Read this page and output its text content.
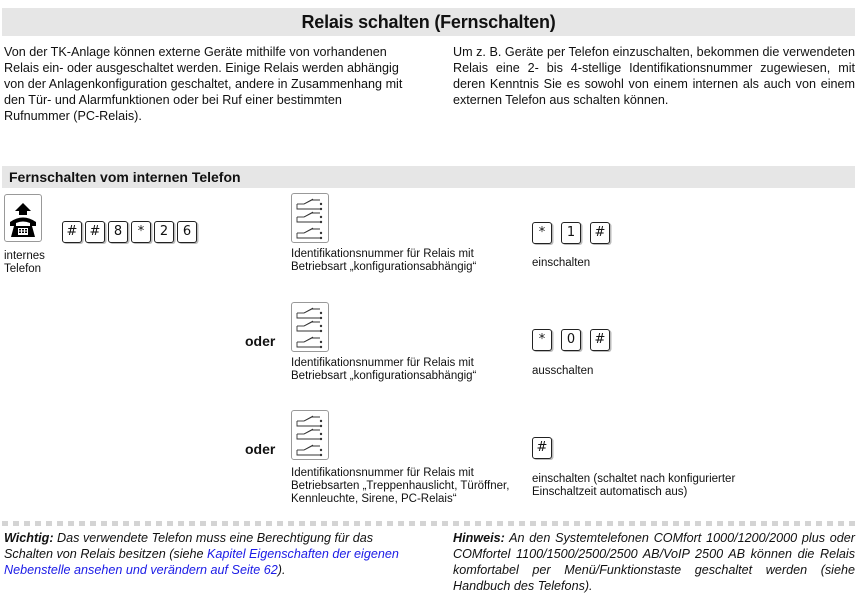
Relais schalten (Fernschalten)
Von der TK-Anlage können externe Geräte mithilfe von vorhandenen Relais ein- oder ausgeschaltet werden. Einige Relais werden abhängig von der Anlagenkonfiguration geschaltet, andere in Zusammenhang mit den Tür- und Alarmfunktionen oder bei Ruf einer bestimmten Rufnummer (PC-Relais).
Um z. B. Geräte per Telefon einzuschalten, bekommen die verwendeten Relais eine 2- bis 4-stellige Identifikationsnummer zugewiesen, mit deren Kenntnis Sie es sowohl von einem internen als auch von einem externen Telefon aus schalten können.
Fernschalten vom internen Telefon
internes
Telefon
# #	8	*	2	6
Identifikationsnummer für Relais mit
Betriebsart „konfigurationsabhängig“
*	1	#
einschalten
oder
Identifikationsnummer für Relais mit
Betriebsart „konfigurationsabhängig“
*	0	#
ausschalten
oder
Identifikationsnummer für Relais mit
Betriebsarten „Treppenhauslicht, Türöffner,
Kennleuchte, Sirene, PC-Relais“
#
einschalten (schaltet nach konfigurierter
Einschaltzeit automatisch aus)
Wichtig: Das verwendete Telefon muss eine Berechtigung für das Schalten von Relais besitzen (siehe Kapitel Eigenschaften der eigenen Nebenstelle ansehen und verändern auf Seite 62).
Hinweis: An den Systemtelefonen COMfort 1000/1200/2000 plus oder COMfortel 1100/1500/2500/2500 AB/VoIP 2500 AB können die Relais komfortabel per Menü/Funktionstaste geschaltet werden (siehe Handbuch des Telefons).
